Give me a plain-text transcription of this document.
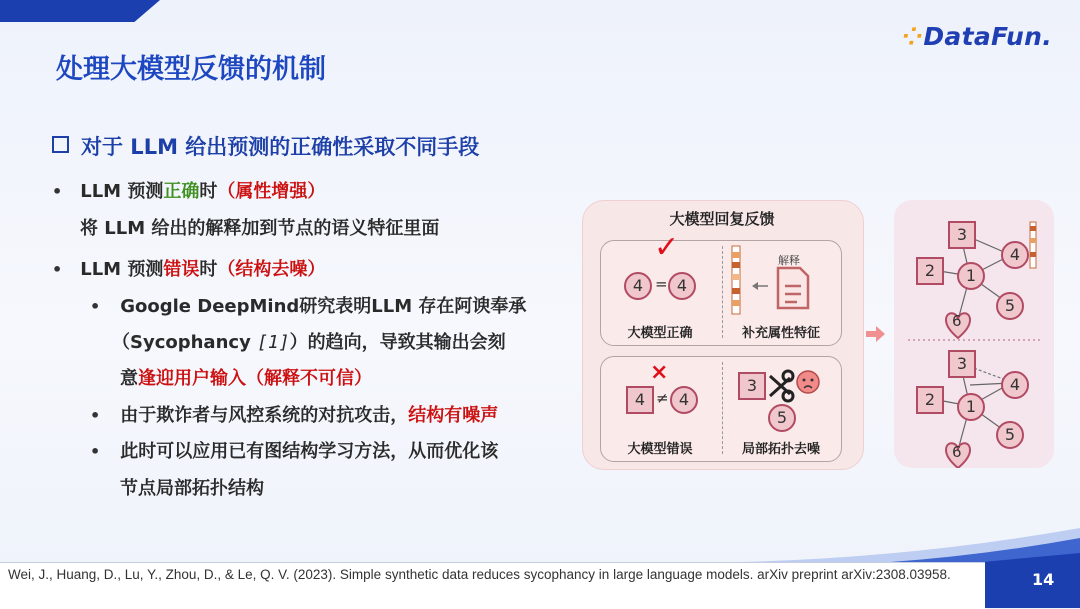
⁘DataFun.
处理大模型反馈的机制
对于 LLM 给出预测的正确性采取不同手段
• LLM 预测正确时（属性增强）
将 LLM 给出的解释加到节点的语义特征里面
• LLM 预测错误时（结构去噪）
• Google DeepMind研究表明LLM 存在阿谀奉承
（Sycophancy [1]）的趋向，导致其输出会刻
意逢迎用户输入（解释不可信）
• 由于欺诈者与风控系统的对抗攻击，结构有噪声
• 此时可以应用已有图结构学习方法，从而优化该
节点局部拓扑结构
大模型回复反馈
✓
4 = 4
大模型正确
解释
补充属性特征
×
4 ≠ 4
大模型错误
3
5
局部拓扑去噪
3
4
2	1
5
6
3
4
2	1
5
6
Wei, J., Huang, D., Lu, Y., Zhou, D., & Le, Q. V. (2023). Simple synthetic data reduces sycophancy in large language models. arXiv preprint arXiv:2308.03958.	14
